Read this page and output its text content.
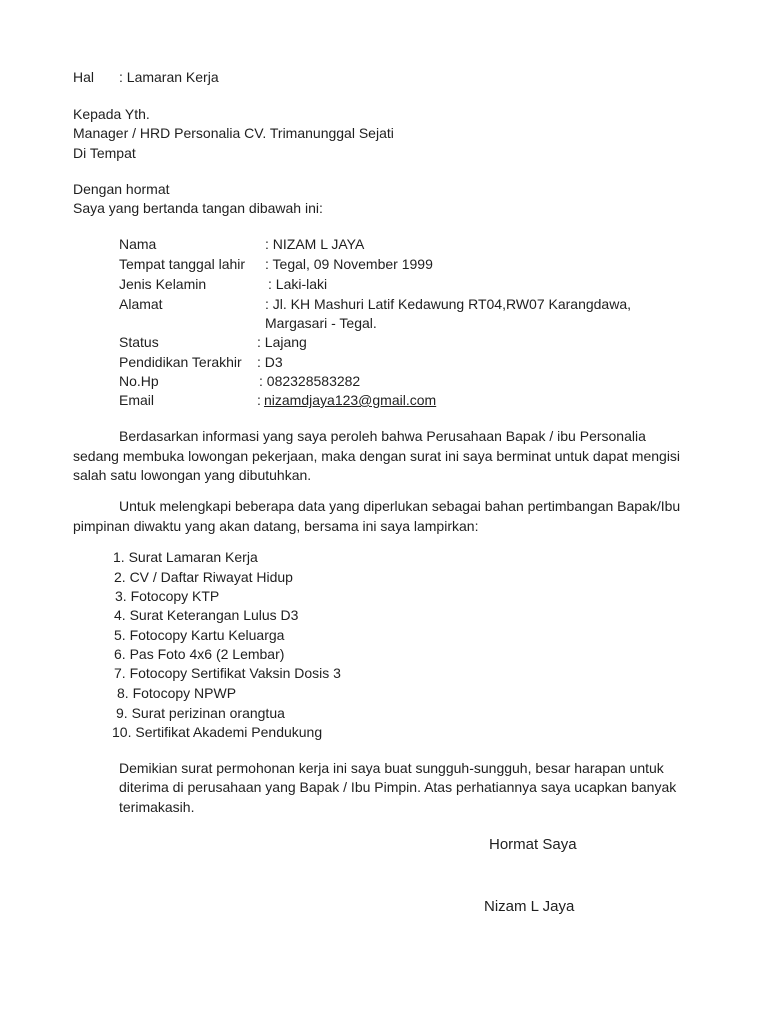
Hal : Lamaran Kerja
Kepada Yth.
Manager / HRD Personalia CV. Trimanunggal Sejati
Di Tempat
Dengan hormat
Saya yang bertanda tangan dibawah ini:
Nama	: NIZAM L JAYA
Tempat tanggal lahir : Tegal, 09 November 1999
Jenis Kelamin	: Laki-laki
Alamat	: Jl. KH Mashuri Latif Kedawung RT04,RW07 Karangdawa,
Margasari - Tegal.
Status	: Lajang
Pendidikan Terakhir : D3
No.Hp	: 082328583282
Email	: nizamdjaya123@gmail.com
Berdasarkan informasi yang saya peroleh bahwa Perusahaan Bapak / ibu Personalia
sedang membuka lowongan pekerjaan, maka dengan surat ini saya berminat untuk dapat mengisi
salah satu lowongan yang dibutuhkan.
Untuk melengkapi beberapa data yang diperlukan sebagai bahan pertimbangan Bapak/Ibu
pimpinan diwaktu yang akan datang, bersama ini saya lampirkan:
1. Surat Lamaran Kerja
2. CV / Daftar Riwayat Hidup
3. Fotocopy KTP
4. Surat Keterangan Lulus D3
5. Fotocopy Kartu Keluarga
6. Pas Foto 4x6 (2 Lembar)
7. Fotocopy Sertifikat Vaksin Dosis 3
8. Fotocopy NPWP
9. Surat perizinan orangtua
10. Sertifikat Akademi Pendukung
Demikian surat permohonan kerja ini saya buat sungguh-sungguh, besar harapan untuk
diterima di perusahaan yang Bapak / Ibu Pimpin. Atas perhatiannya saya ucapkan banyak
terimakasih.
Hormat Saya
Nizam L Jaya
